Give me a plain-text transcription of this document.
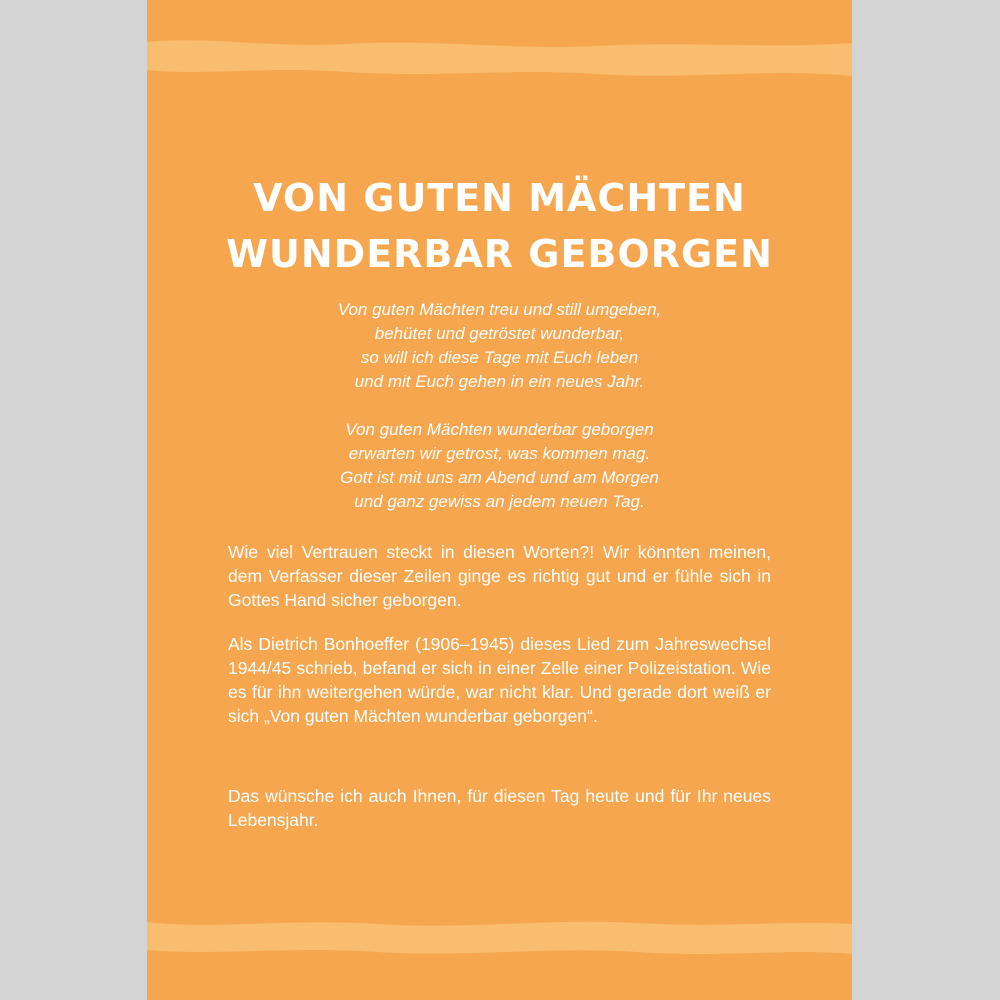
VON GUTEN MÄCHTEN
WUNDERBAR GEBORGEN
Von guten Mächten treu und still umgeben,
behütet und getröstet wunderbar,
so will ich diese Tage mit Euch leben
und mit Euch gehen in ein neues Jahr.
Von guten Mächten wunderbar geborgen
erwarten wir getrost, was kommen mag.
Gott ist mit uns am Abend und am Morgen
und ganz gewiss an jedem neuen Tag.

Wie viel Vertrauen steckt in diesen Worten?! Wir könnten meinen, dem Verfasser dieser Zeilen ginge es richtig gut und er fühle sich in Gottes Hand sicher geborgen.

Als Dietrich Bonhoeffer (1906–1945) dieses Lied zum Jahreswechsel 1944/45 schrieb, befand er sich in einer Zelle einer Polizeistation. Wie es für ihn weitergehen würde, war nicht klar. Und gerade dort weiß er sich „Von guten Mächten wunderbar geborgen“.

Das wünsche ich auch Ihnen, für diesen Tag heute und für Ihr neues Lebensjahr.
